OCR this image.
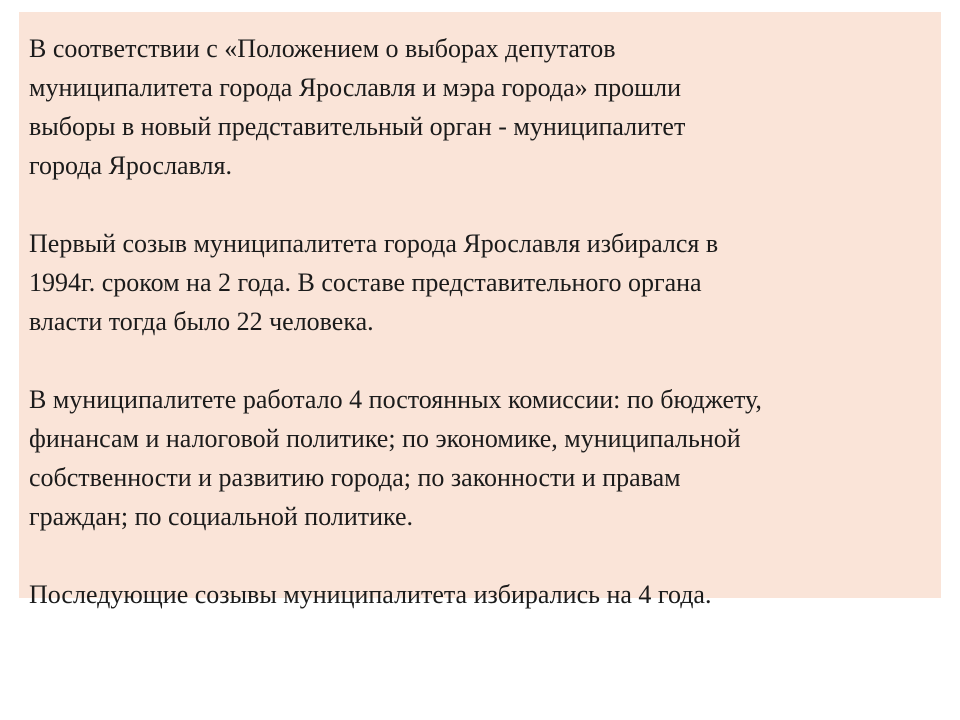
В соответствии с «Положением о выборах депутатов
муниципалитета города Ярославля и мэра города» прошли
выборы в новый представительный орган - муниципалитет
города Ярославля.

Первый созыв муниципалитета города Ярославля избирался в
1994г. сроком на 2 года. В составе представительного органа
власти тогда было 22 человека.

В муниципалитете работало 4 постоянных комиссии: по бюджету,
финансам и налоговой политике; по экономике, муниципальной
собственности и развитию города; по законности и правам
граждан; по социальной политике.

Последующие созывы муниципалитета избирались на 4 года.
